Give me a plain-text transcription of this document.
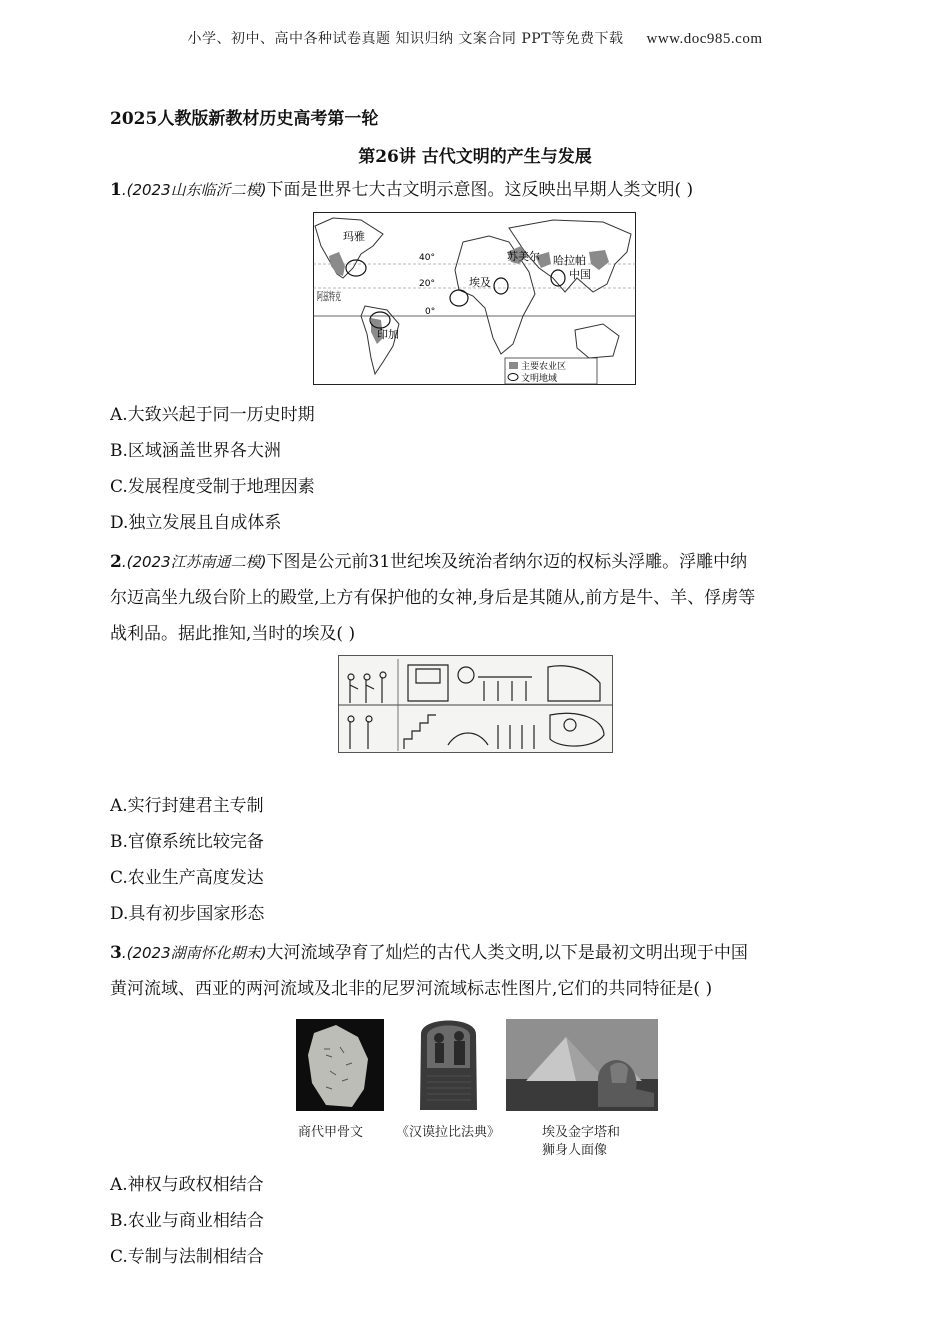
小学、初中、高中各种试卷真题 知识归纳 文案合同 PPT等免费下载 www.doc985.com
2025人教版新教材历史高考第一轮
第26讲 古代文明的产生与发展
1.(2023山东临沂二模)下面是世界七大古文明示意图。这反映出早期人类文明( )
玛雅
阿兹特克
印加
埃及
苏美尔 哈拉帕
中国
40°
20°
0°
主要农业区
文明地域
A.大致兴起于同一历史时期
B.区域涵盖世界各大洲
C.发展程度受制于地理因素
D.独立发展且自成体系
2.(2023江苏南通二模)下图是公元前31世纪埃及统治者纳尔迈的权标头浮雕。浮雕中纳
尔迈高坐九级台阶上的殿堂,上方有保护他的女神,身后是其随从,前方是牛、羊、俘虏等
战利品。据此推知,当时的埃及( )
A.实行封建君主专制
B.官僚系统比较完备
C.农业生产高度发达
D.具有初步国家形态
3.(2023湖南怀化期末)大河流域孕育了灿烂的古代人类文明,以下是最初文明出现于中国
黄河流域、西亚的两河流域及北非的尼罗河流域标志性图片,它们的共同特征是( )
商代甲骨文	《汉谟拉比法典》	埃及金字塔和
狮身人面像
A.神权与政权相结合
B.农业与商业相结合
C.专制与法制相结合
